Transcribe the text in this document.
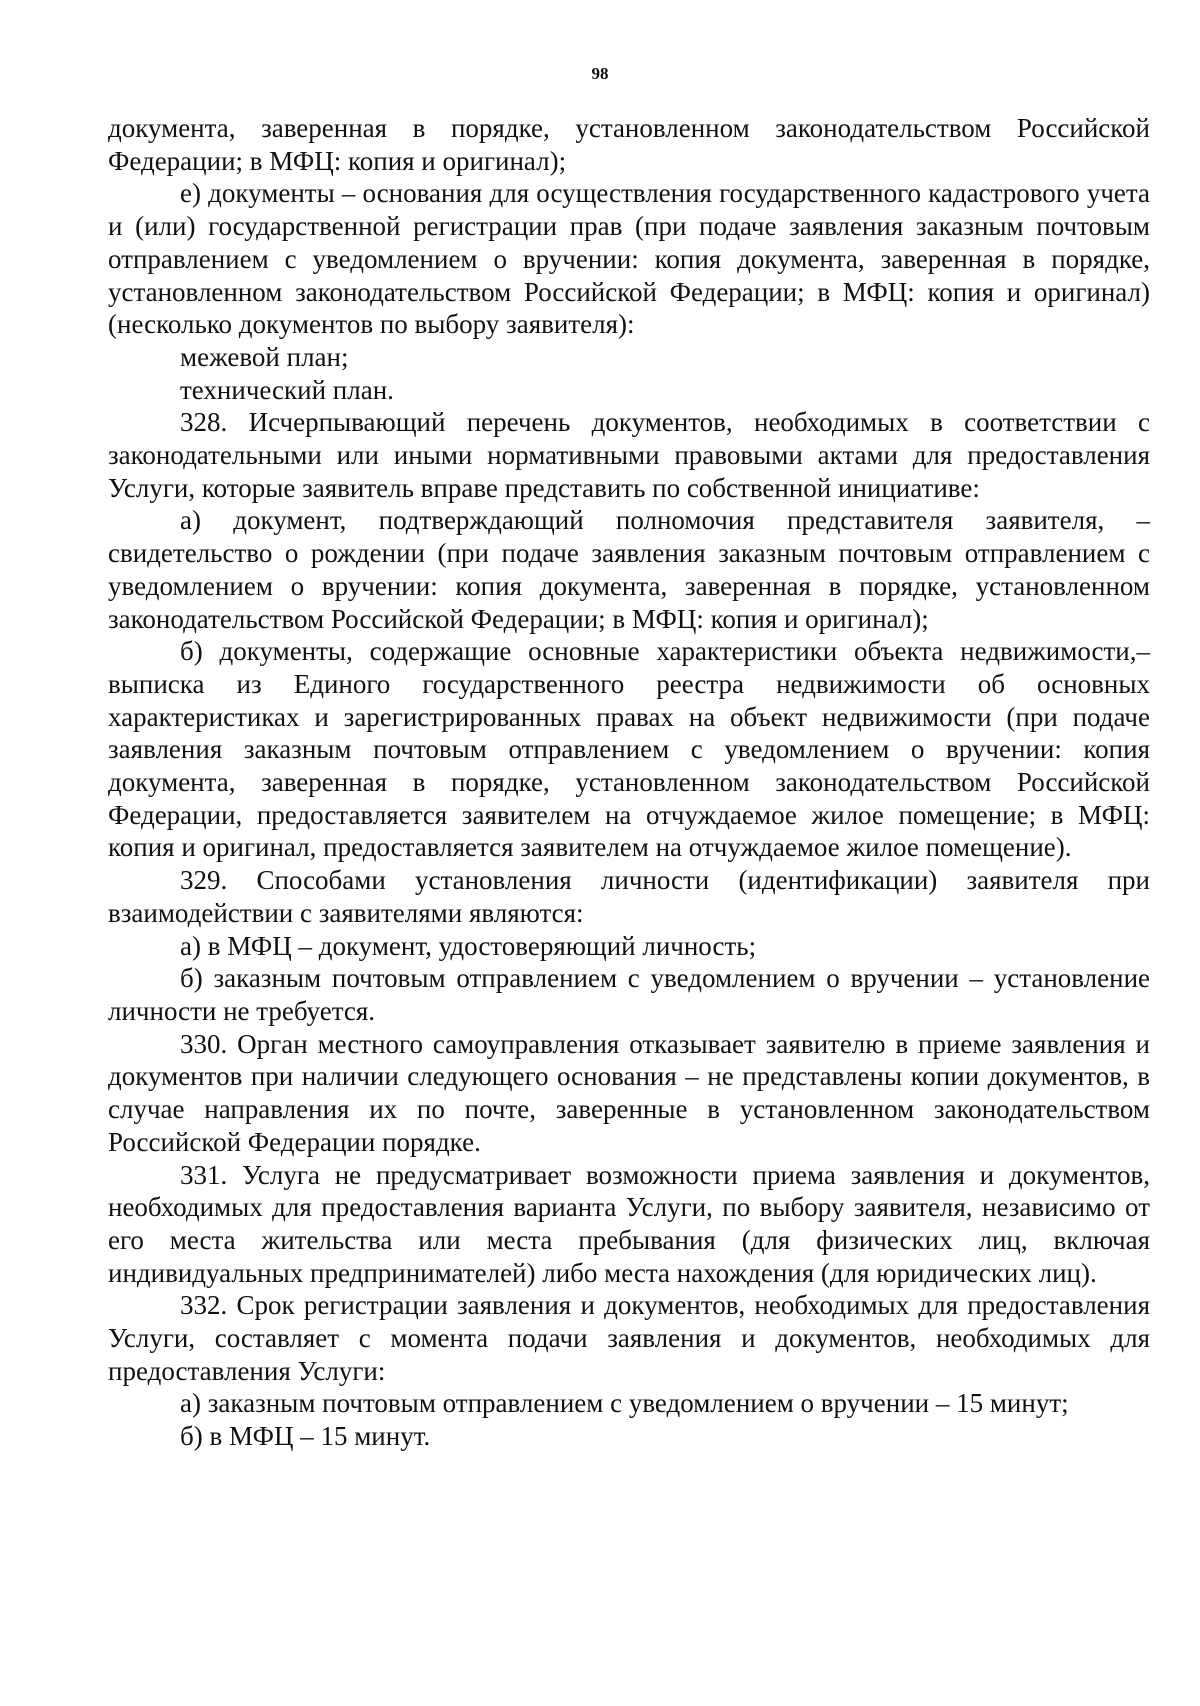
98

документа, заверенная в порядке, установленном законодательством Российской Федерации; в МФЦ: копия и оригинал);

е) документы – основания для осуществления государственного кадастрового учета и (или) государственной регистрации прав (при подаче заявления заказным почтовым отправлением с уведомлением о вручении: копия документа, заверенная в порядке, установленном законодательством Российской Федерации; в МФЦ: копия и оригинал) (несколько документов по выбору заявителя):

межевой план;

технический план.

328. Исчерпывающий перечень документов, необходимых в соответствии с законодательными или иными нормативными правовыми актами для предоставления Услуги, которые заявитель вправе представить по собственной инициативе:

а) документ, подтверждающий полномочия представителя заявителя, – свидетельство о рождении (при подаче заявления заказным почтовым отправлением с уведомлением о вручении: копия документа, заверенная в порядке, установленном законодательством Российской Федерации; в МФЦ: копия и оригинал);

б) документы, содержащие основные характеристики объекта недвижимости,– выписка из Единого государственного реестра недвижимости об основных характеристиках и зарегистрированных правах на объект недвижимости (при подаче заявления заказным почтовым отправлением с уведомлением о вручении: копия документа, заверенная в порядке, установленном законодательством Российской Федерации, предоставляется заявителем на отчуждаемое жилое помещение; в МФЦ: копия и оригинал, предоставляется заявителем на отчуждаемое жилое помещение).

329. Способами установления личности (идентификации) заявителя при взаимодействии с заявителями являются:

а) в МФЦ – документ, удостоверяющий личность;

б) заказным почтовым отправлением с уведомлением о вручении – установление личности не требуется.

330. Орган местного самоуправления отказывает заявителю в приеме заявления и документов при наличии следующего основания – не представлены копии документов, в случае направления их по почте, заверенные в установленном законодательством Российской Федерации порядке.

331. Услуга не предусматривает возможности приема заявления и документов, необходимых для предоставления варианта Услуги, по выбору заявителя, независимо от его места жительства или места пребывания (для физических лиц, включая индивидуальных предпринимателей) либо места нахождения (для юридических лиц).

332. Срок регистрации заявления и документов, необходимых для предоставления Услуги, составляет с момента подачи заявления и документов, необходимых для предоставления Услуги:

а) заказным почтовым отправлением с уведомлением о вручении – 15 минут;

б) в МФЦ – 15 минут.
